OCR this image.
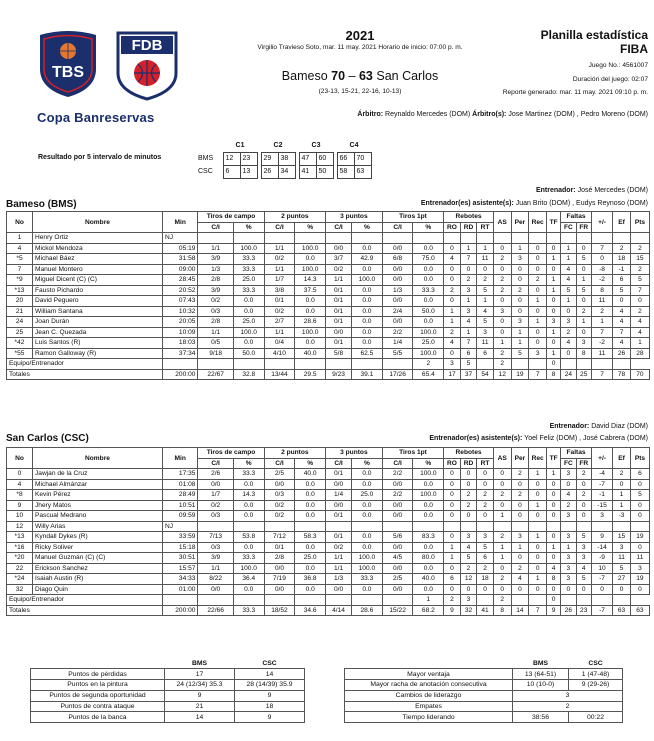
TBS
FDB
Copa Banreservas
2021
Virgilio Travieso Soto, mar. 11 may. 2021 Horario de inicio: 07:00 p. m.
Bameso 70 – 63 San Carlos
(23-13, 15-21, 22-16, 10-13)
Planilla estadística
FIBA
Juego No.: 4561007
Duración del juego: 02:07
Reporte generado: mar. 11 may. 2021 09:10 p. m.
Árbitro: Reynaldo Mercedes (DOM) Árbitro(s): Jose Martinez (DOM) , Pedro Moreno (DOM)
Resultado por 5 intervalo de minutos
	C1			C2			C3			C4	
BMS	12	23		29	38		47	60		66	70
CSC	6	13		26	34		41	50		58	63
Entrenador: José Mercedes (DOM)
Bameso (BMS)	Entrenador(es) asistente(s): Juan Brito (DOM) , Eudys Reynoso (DOM)
No	Nombre	Min	Tiros de campo		2 puntos		3 puntos		Tiros 1pt		Rebotes			AS	Per	Rec	TF	Faltas		+/-	Ef	Pts
			C/I	%	C/I	%	C/I	%	C/I	%	RO	RD	RT					FC	FR			
1	Henry Ortiz	NJ																				
4	Mickol Mendoza	05:19	1/1	100.0	1/1	100.0	0/0	0.0	0/0	0.0	0	1	1	0	1	0	0	1	0	7	2	2
*5	Michael Báez	31:58	3/9	33.3	0/2	0.0	3/7	42.9	6/8	75.0	4	7	11	2	3	0	1	1	5	0	18	15
7	Manuel Montero	09:00	1/3	33.3	1/1	100.0	0/2	0.0	0/0	0.0	0	0	0	0	0	0	0	4	0	-8	-1	2
*9	Miguel Dicent (C) (C)	28:45	2/8	25.0	1/7	14.3	1/1	100.0	0/0	0.0	0	2	2	2	0	2	1	4	1	-2	6	5
*13	Fausto Pichardo	20:52	3/9	33.3	3/8	37.5	0/1	0.0	1/3	33.3	2	3	5	2	2	0	1	5	5	8	5	7
20	David Peguero	07:43	0/2	0.0	0/1	0.0	0/1	0.0	0/0	0.0	0	1	1	0	0	1	0	1	0	11	0	0
21	William Santana	10:32	0/3	0.0	0/2	0.0	0/1	0.0	2/4	50.0	1	3	4	3	0	0	0	0	2	2	4	2
24	Joan Durán	20:05	2/8	25.0	2/7	28.6	0/1	0.0	0/0	0.0	1	4	5	0	3	1	3	3	1	1	4	4
25	Jean C. Quezada	10:09	1/1	100.0	1/1	100.0	0/0	0.0	2/2	100.0	2	1	3	0	1	0	1	2	0	7	7	4
*42	Luis Santos (R)	18:03	0/5	0.0	0/4	0.0	0/1	0.0	1/4	25.0	4	7	11	1	1	0	0	4	3	-2	4	1
*55	Ramon Galloway (R)	37:34	9/18	50.0	4/10	40.0	5/8	62.5	5/5	100.0	0	6	6	2	5	3	1	0	8	11	26	28
Equipo/Entrenador										2	3	5		2			0					
Totales		200:00	22/67	32.8	13/44	29.5	9/23	39.1	17/26	65.4	17	37	54	12	19	7	8	24	25	7	78	70
Entrenador: David Diaz (DOM)
San Carlos (CSC)	Entrenador(es) asistente(s): Yoel Feliz (DOM) , José Cabrera (DOM)
No	Nombre	Min	Tiros de campo		2 puntos		3 puntos		Tiros 1pt		Rebotes			AS	Per	Rec	TF	Faltas		+/-	Ef	Pts
			C/I	%	C/I	%	C/I	%	C/I	%	RO	RD	RT					FC	FR			
0	Jawjan de la Cruz	17:35	2/6	33.3	2/5	40.0	0/1	0.0	2/2	100.0	0	0	0	0	2	1	1	3	2	-4	2	6
4	Michael Almánzar	01:08	0/0	0.0	0/0	0.0	0/0	0.0	0/0	0.0	0	0	0	0	0	0	0	0	0	-7	0	0
*8	Kevin Pérez	28:49	1/7	14.3	0/3	0.0	1/4	25.0	2/2	100.0	0	2	2	2	2	0	0	4	2	-1	1	5
9	Jhery Matos	10:51	0/2	0.0	0/2	0.0	0/0	0.0	0/0	0.0	0	2	2	0	0	1	0	2	0	-15	1	0
10	Pascual Medrano	09:59	0/3	0.0	0/2	0.0	0/1	0.0	0/0	0.0	0	0	0	1	0	0	0	3	0	3	-3	0
12	Willy Arias	NJ																				
*13	Kyndall Dykes (R)	33:59	7/13	53.8	7/12	58.3	0/1	0.0	5/6	83.3	0	3	3	2	3	1	0	3	5	9	15	19
*16	Ricky Soliver	15:18	0/3	0.0	0/1	0.0	0/2	0.0	0/0	0.0	1	4	5	1	1	0	1	1	3	-14	3	0
*20	Manuel Guzmán (C) (C)	30:51	3/9	33.3	2/8	25.0	1/1	100.0	4/5	80.0	1	5	6	1	0	0	0	3	3	-9	11	11
22	Erickson Sanchez	15:57	1/1	100.0	0/0	0.0	1/1	100.0	0/0	0.0	0	2	2	0	2	0	4	3	4	10	5	3
*24	Isaiah Austin (R)	34:33	8/22	36.4	7/19	36.8	1/3	33.3	2/5	40.0	6	12	18	2	4	1	8	3	5	-7	27	19
32	Diago Quin	01:00	0/0	0.0	0/0	0.0	0/0	0.0	0/0	0.0	0	0	0	0	0	0	0	0	0	0	0	0
Equipo/Entrenador										1	2	3		2			0					
Totales		200:00	22/66	33.3	18/52	34.6	4/14	28.6	15/22	68.2	9	32	41	8	14	7	9	26	23	-7	63	63
	BMS	CSC
Puntos de pérdidas	17	14
Puntos en la pintura	24 (12/34) 35.3	28 (14/39) 35.9
Puntos de segunda oportunidad	9	9
Puntos de contra ataque	21	18
Puntos de la banca	14	9
	BMS	CSC
Mayor ventaja	13 (64-51)	1 (47-48)
Mayor racha de anotación consecutiva	10 (10-0)	9 (29-26)
Cambios de liderazgo	3	
Empates	2	
Tiempo liderando	38:56	00:22
